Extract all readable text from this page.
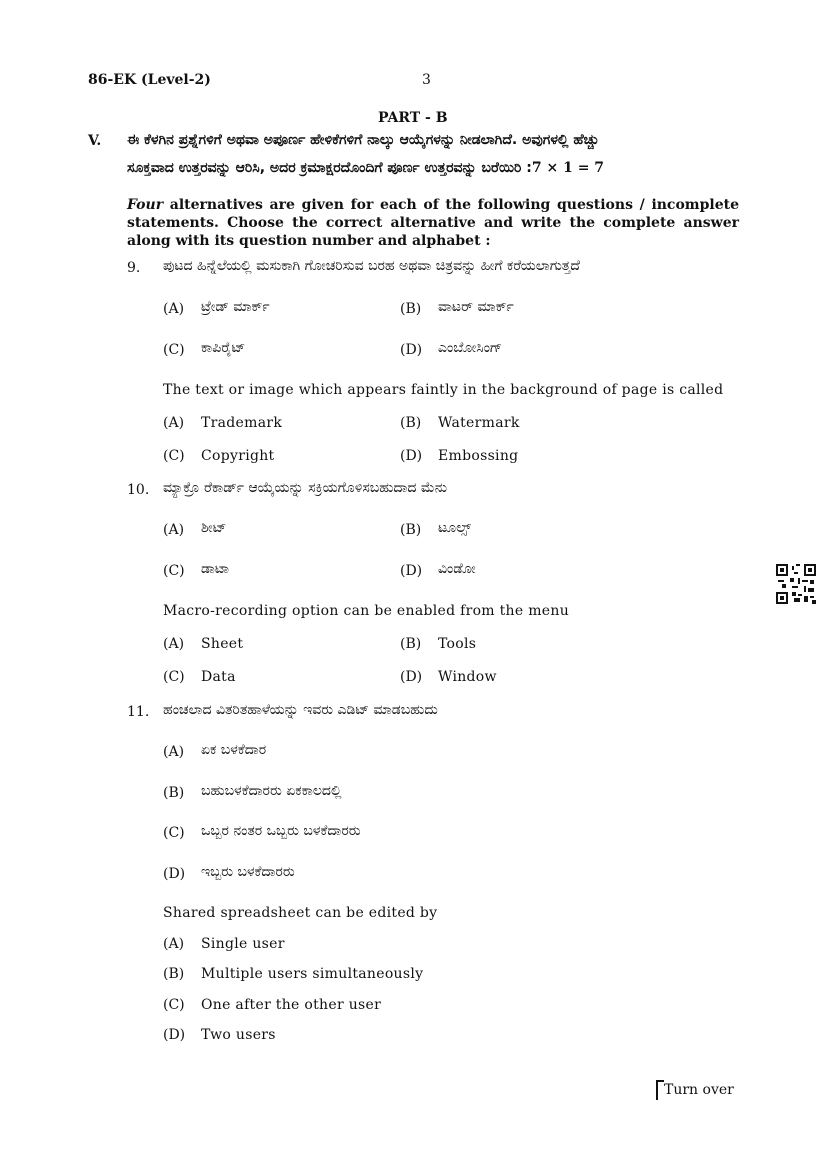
86-EK (Level-2)	3
PART - B
V. ಈ ಕೆಳಗಿನ ಪ್ರಶ್ನೆಗಳಿಗೆ ಅಥವಾ ಅಪೂರ್ಣ ಹೇಳಿಕೆಗಳಿಗೆ ನಾಲ್ಕು ಆಯ್ಕೆಗಳನ್ನು ನೀಡಲಾಗಿದೆ. ಅವುಗಳಲ್ಲಿ ಹೆಚ್ಚು
ಸೂಕ್ತವಾದ ಉತ್ತರವನ್ನು ಆರಿಸಿ, ಅದರ ಕ್ರಮಾಕ್ಷರದೊಂದಿಗೆ ಪೂರ್ಣ ಉತ್ತರವನ್ನು ಬರೆಯಿರಿ :7 × 1 = 7
Four alternatives are given for each of the following questions / incomplete statements. Choose the correct alternative and write the complete answer along with its question number and alphabet :
9. ಪುಟದ ಹಿನ್ನೆಲೆಯಲ್ಲಿ ಮಸುಕಾಗಿ ಗೋಚರಿಸುವ ಬರಹ ಅಥವಾ ಚಿತ್ರವನ್ನು ಹೀಗೆ ಕರೆಯಲಾಗುತ್ತದೆ
(A) ಟ್ರೇಡ್ ಮಾರ್ಕ್	(B) ವಾಟರ್ ಮಾರ್ಕ್
(C) ಕಾಪಿರೈಟ್	(D) ಎಂಬೋಸಿಂಗ್
The text or image which appears faintly in the background of page is called
(A) Trademark	(B) Watermark
(C) Copyright	(D) Embossing
10. ಮ್ಯಾಕ್ರೊ ರೆಕಾರ್ಡ್ ಆಯ್ಕೆಯನ್ನು ಸಕ್ರಿಯಗೊಳಿಸಬಹುದಾದ ಮೆನು
(A) ಶೀಟ್	(B) ಟೂಲ್ಸ್
(C) ಡಾಟಾ	(D) ವಿಂಡೋ
Macro-recording option can be enabled from the menu
(A) Sheet	(B) Tools
(C) Data	(D) Window
11. ಹಂಚಲಾದ ವಿತರಿತಹಾಳೆಯನ್ನು ಇವರು ಎಡಿಟ್ ಮಾಡಬಹುದು
(A) ಏಕ ಬಳಕೆದಾರ
(B) ಬಹುಬಳಕೆದಾರರು ಏಕಕಾಲದಲ್ಲಿ
(C) ಒಬ್ಬರ ನಂತರ ಒಬ್ಬರು ಬಳಕೆದಾರರು
(D) ಇಬ್ಬರು ಬಳಕೆದಾರರು
Shared spreadsheet can be edited by
(A) Single user
(B) Multiple users simultaneously
(C) One after the other user
(D) Two users
Turn over
